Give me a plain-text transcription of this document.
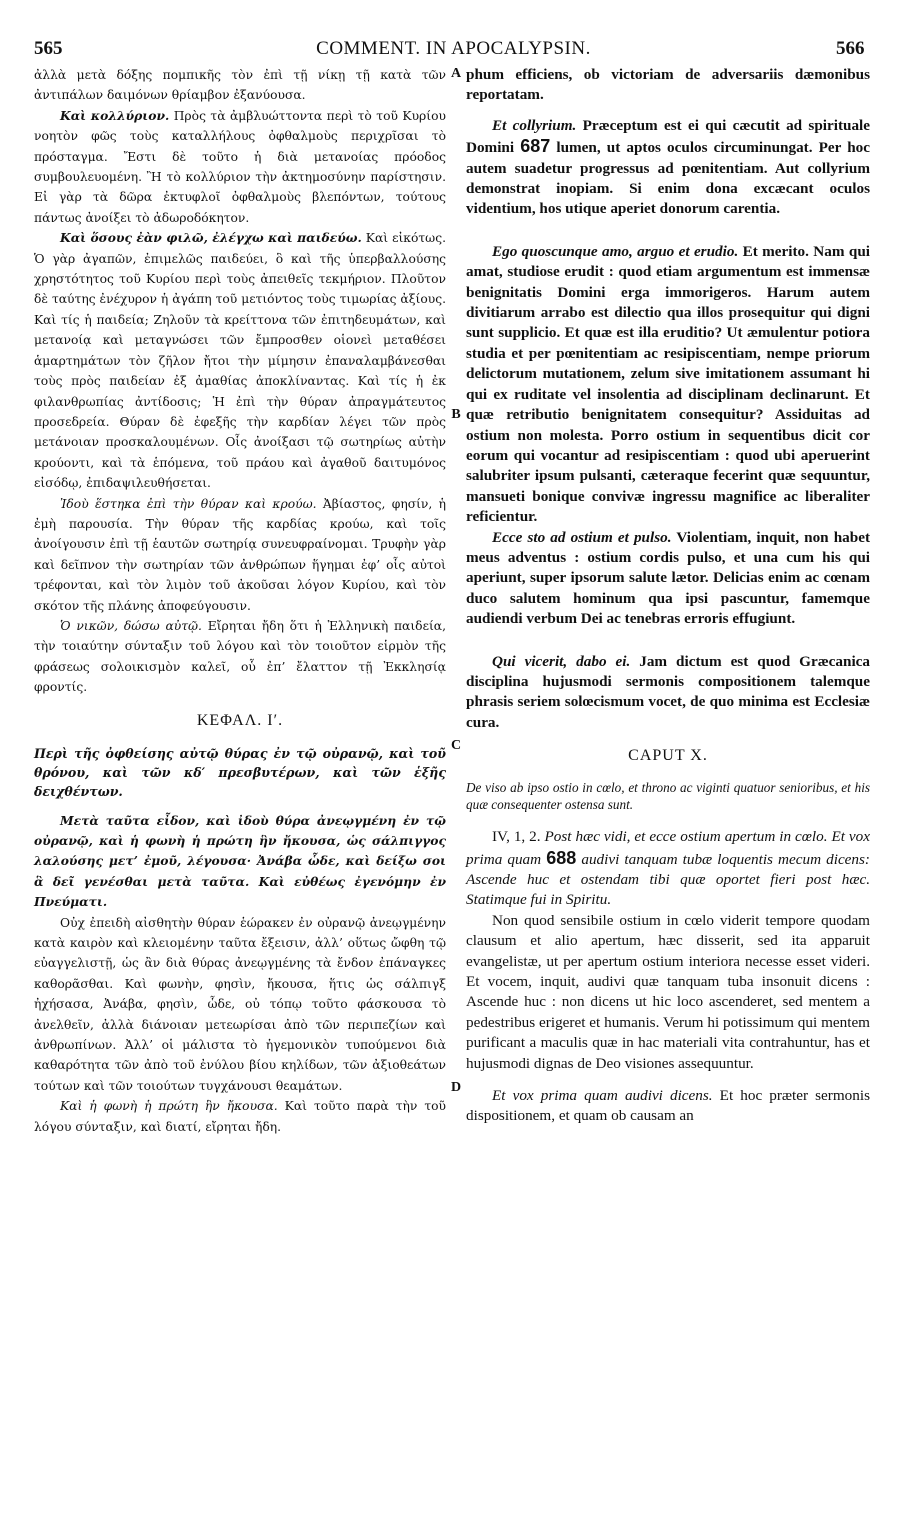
565	COMMENT. IN APOCALYPSIN.	566
A
B
C
D

ἀλλὰ μετὰ δόξης πομπικῆς τὸν ἐπὶ τῇ νίκῃ τῇ κατὰ τῶν ἀντιπάλων δαιμόνων θρίαμβον ἐξανύουσα.

Καὶ κολλύριον. Πρὸς τὰ ἀμβλυώττοντα περὶ τὸ τοῦ Κυρίου νοητὸν φῶς τοὺς καταλλήλους ὀφθαλμοὺς περιχρῖσαι τὸ πρόσταγμα. Ἔστι δὲ τοῦτο ἡ διὰ μετανοίας πρόοδος συμβουλευομένη. Ἢ τὸ κολλύριον τὴν ἀκτημοσύνην παρίστησιν. Εἰ γὰρ τὰ δῶρα ἐκτυφλοῖ ὀφθαλμοὺς βλεπόντων, τούτους πάντως ἀνοίξει τὸ ἀδωροδόκητον.

Καὶ ὅσους ἐὰν φιλῶ, ἐλέγχω καὶ παιδεύω. Καὶ εἰκότως. Ὁ γὰρ ἀγαπῶν, ἐπιμελῶς παιδεύει, ὃ καὶ τῆς ὑπερβαλλούσης χρηστότητος τοῦ Κυρίου περὶ τοὺς ἀπειθεῖς τεκμήριον. Πλοῦτον δὲ ταύτης ἐνέχυρον ἡ ἀγάπη τοῦ μετιόντος τοὺς τιμωρίας ἀξίους. Καὶ τίς ἡ παιδεία; Ζηλοῦν τὰ κρείττονα τῶν ἐπιτηδευμάτων, καὶ μετανοίᾳ καὶ μεταγνώσει τῶν ἔμπροσθεν οἱονεὶ μεταθέσει ἁμαρτημάτων τὸν ζῆλον ἤτοι τὴν μίμησιν ἐπαναλαμβάνεσθαι τοὺς πρὸς παιδείαν ἐξ ἀμαθίας ἀποκλίναντας. Καὶ τίς ἡ ἐκ φιλανθρωπίας ἀντίδοσις; Ἡ ἐπὶ τὴν θύραν ἀπραγμάτευτος προσεδρεία. Θύραν δὲ ἐφεξῆς τὴν καρδίαν λέγει τῶν πρὸς μετάνοιαν προσκαλουμένων. Οἷς ἀνοίξασι τῷ σωτηρίως αὐτὴν κρούοντι, καὶ τὰ ἑπόμενα, τοῦ πράου καὶ ἀγαθοῦ δαιτυμόνος εἰσόδῳ, ἐπιδαψιλευθήσεται.

Ἰδοὺ ἕστηκα ἐπὶ τὴν θύραν καὶ κρούω. Ἀβίαστος, φησίν, ἡ ἐμὴ παρουσία. Τὴν θύραν τῆς καρδίας κρούω, καὶ τοῖς ἀνοίγουσιν ἐπὶ τῇ ἑαυτῶν σωτηρίᾳ συνευφραίνομαι. Τρυφὴν γὰρ καὶ δεῖπνον τὴν σωτηρίαν τῶν ἀνθρώπων ἥγημαι ἐφ’ οἷς αὐτοὶ τρέφονται, καὶ τὸν λιμὸν τοῦ ἀκοῦσαι λόγον Κυρίου, καὶ τὸν σκότον τῆς πλάνης ἀποφεύγουσιν.

Ὁ νικῶν, δώσω αὐτῷ. Εἴρηται ἤδη ὅτι ἡ Ἑλληνικὴ παιδεία, τὴν τοιαύτην σύνταξιν τοῦ λόγου καὶ τὸν τοιοῦτον εἱρμὸν τῆς φράσεως σολοικισμὸν καλεῖ, οὗ ἐπ’ ἔλαττον τῇ Ἐκκλησίᾳ φροντίς.

ΚΕΦΑΛ. Ι′.

Περὶ τῆς ὀφθείσης αὐτῷ θύρας ἐν τῷ οὐρανῷ, καὶ τοῦ θρόνου, καὶ τῶν κδ′ πρεσβυτέρων, καὶ τῶν ἑξῆς δειχθέντων.

Μετὰ ταῦτα εἶδον, καὶ ἰδοὺ θύρα ἀνεῳγμένη ἐν τῷ οὐρανῷ, καὶ ἡ φωνὴ ἡ πρώτη ἣν ἤκουσα, ὡς σάλπιγγος λαλούσης μετ’ ἐμοῦ, λέγουσα· Ἀνάβα ὧδε, καὶ δείξω σοι ἃ δεῖ γενέσθαι μετὰ ταῦτα. Καὶ εὐθέως ἐγενόμην ἐν Πνεύματι.

Οὐχ ἐπειδὴ αἰσθητὴν θύραν ἑώρακεν ἐν οὐρανῷ ἀνεῳγμένην κατὰ καιρὸν καὶ κλειομένην ταῦτα ἔξεισιν, ἀλλ’ οὕτως ὤφθη τῷ εὐαγγελιστῇ, ὡς ἂν διὰ θύρας ἀνεῳγμένης τὰ ἔνδον ἐπάναγκες καθορᾶσθαι. Καὶ φωνὴν, φησὶν, ἤκουσα, ἥτις ὡς σάλπιγξ ἠχήσασα, Ἀνάβα, φησὶν, ὧδε, οὐ τόπῳ τοῦτο φάσκουσα τὸ ἀνελθεῖν, ἀλλὰ διάνοιαν μετεωρίσαι ἀπὸ τῶν περιπεζίων καὶ ἀνθρωπίνων. Ἀλλ’ οἱ μάλιστα τὸ ἡγεμονικὸν τυπούμενοι διὰ καθαρότητα τῶν ἀπὸ τοῦ ἐνύλου βίου κηλίδων, τῶν ἀξιοθεάτων τούτων καὶ τῶν τοιούτων τυγχάνουσι θεαμάτων.

Καὶ ἡ φωνὴ ἡ πρώτη ἣν ἤκουσα. Καὶ τοῦτο παρὰ τὴν τοῦ λόγου σύνταξιν, καὶ διατί, εἴρηται ἤδη.

phum efficiens, ob victoriam de adversariis dæmonibus reportatam.

Et collyrium. Præceptum est ei qui cæcutit ad spirituale Domini 687 lumen, ut aptos oculos circuminungat. Per hoc autem suadetur progressus ad pœnitentiam. Aut collyrium demonstrat inopiam. Si enim dona excæcant oculos videntium, hos utique aperiet donorum carentia.

Ego quoscunque amo, arguo et erudio. Et merito. Nam qui amat, studiose erudit : quod etiam argumentum est immensæ benignitatis Domini erga immorigeros. Harum autem divitiarum arrabo est dilectio qua illos prosequitur qui digni sunt supplicio. Et quæ est illa eruditio? Ut æmulentur potiora studia et per pœnitentiam ac resipiscentiam, nempe priorum delictorum mutationem, zelum sive imitationem assumant hi qui ex ruditate vel insolentia ad disciplinam declinarunt. Et quæ retributio benignitatem consequitur? Assiduitas ad ostium non molesta. Porro ostium in sequentibus dicit cor eorum qui vocantur ad resipiscentiam : quod ubi aperuerint salubriter ipsum pulsanti, cæteraque fecerint quæ sequuntur, mansueti bonique convivæ ingressu magnifice ac liberaliter reficientur.

Ecce sto ad ostium et pulso. Violentiam, inquit, non habet meus adventus : ostium cordis pulso, et una cum his qui aperiunt, super ipsorum salute lætor. Delicias enim ac cœnam duco salutem hominum qua ipsi pascuntur, famemque audiendi verbum Dei ac tenebras erroris effugiunt.

Qui vicerit, dabo ei. Jam dictum est quod Græcanica disciplina hujusmodi sermonis compositionem talemque phrasis seriem solœcismum vocet, de quo minima est Ecclesiæ cura.

CAPUT X.

De viso ab ipso ostio in cœlo, et throno ac viginti quatuor senioribus, et his quæ consequenter ostensa sunt.

IV, 1, 2. Post hæc vidi, et ecce ostium apertum in cœlo. Et vox prima quam 688 audivi tanquam tubæ loquentis mecum dicens: Ascende huc et ostendam tibi quæ oportet fieri post hæc. Statimque fui in Spiritu.

Non quod sensibile ostium in cœlo viderit tempore quodam clausum et alio apertum, hæc disserit, sed ita apparuit evangelistæ, ut per apertum ostium interiora necesse esset videri. Et vocem, inquit, audivi quæ tanquam tuba insonuit dicens : Ascende huc : non dicens ut hic loco ascenderet, sed mentem a pedestribus erigeret et humanis. Verum hi potissimum qui mentem purificant a maculis quæ in hac materiali vita contrahuntur, has et hujusmodi dignas de Deo visiones assequuntur.

Et vox prima quam audivi dicens. Et hoc præter sermonis dispositionem, et quam ob causam an
